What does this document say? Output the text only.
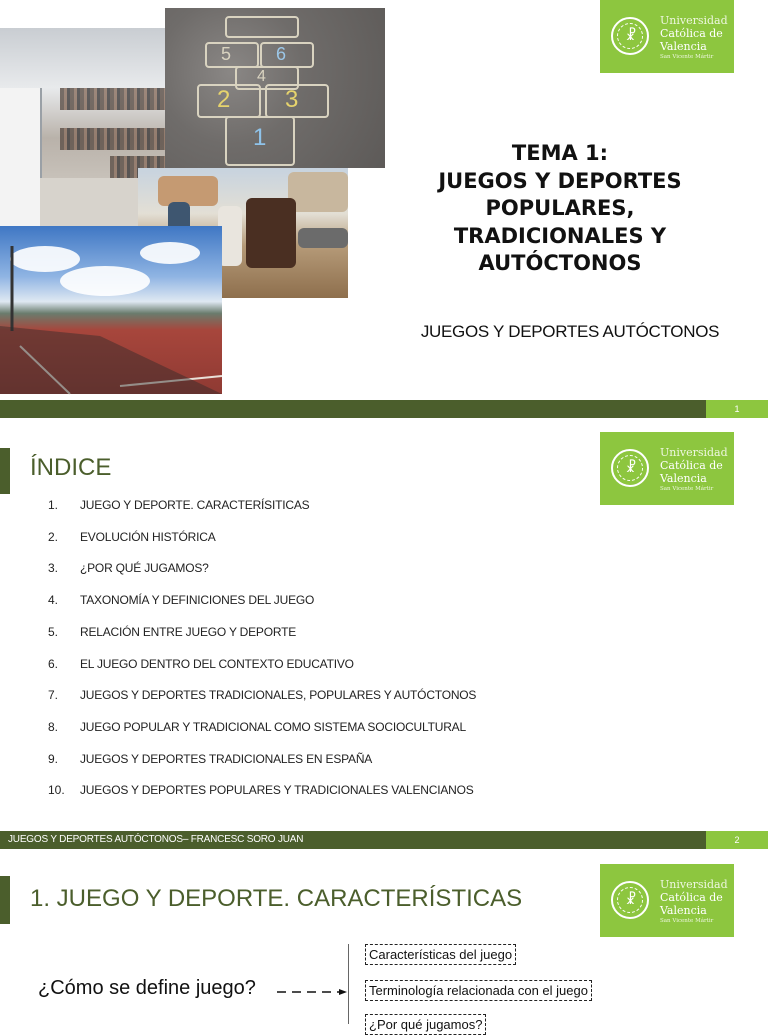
5	6
4
2	3
1
☧
Universidad
Católica de
Valencia
San Vicente Mártir
TEMA 1:
JUEGOS Y DEPORTES
POPULARES,
TRADICIONALES Y
AUTÓCTONOS
JUEGOS Y DEPORTES AUTÓCTONOS
1
ÍNDICE	☧
Universidad
Católica de
Valencia
San Vicente Mártir
1.	JUEGO Y DEPORTE. CARACTERÍSITICAS
2.	EVOLUCIÓN HISTÓRICA
3.	¿POR QUÉ JUGAMOS?
4.	TAXONOMÍA Y DEFINICIONES DEL JUEGO
5.	RELACIÓN ENTRE JUEGO Y DEPORTE
6.	EL JUEGO DENTRO DEL CONTEXTO EDUCATIVO
7.	JUEGOS Y DEPORTES TRADICIONALES, POPULARES Y AUTÓCTONOS
8.	JUEGO POPULAR Y TRADICIONAL COMO SISTEMA SOCIOCULTURAL
9.	JUEGOS Y DEPORTES TRADICIONALES EN ESPAÑA
10.	JUEGOS Y DEPORTES POPULARES Y TRADICIONALES VALENCIANOS
JUEGOS Y DEPORTES AUTÓCTONOS– FRANCESC SORO JUAN	2
1. JUEGO Y DEPORTE. CARACTERÍSTICAS	☧
Universidad
Católica de
Valencia
San Vicente Mártir
¿Cómo se define juego?
Características del juego
Terminología relacionada con el juego
¿Por qué jugamos?
